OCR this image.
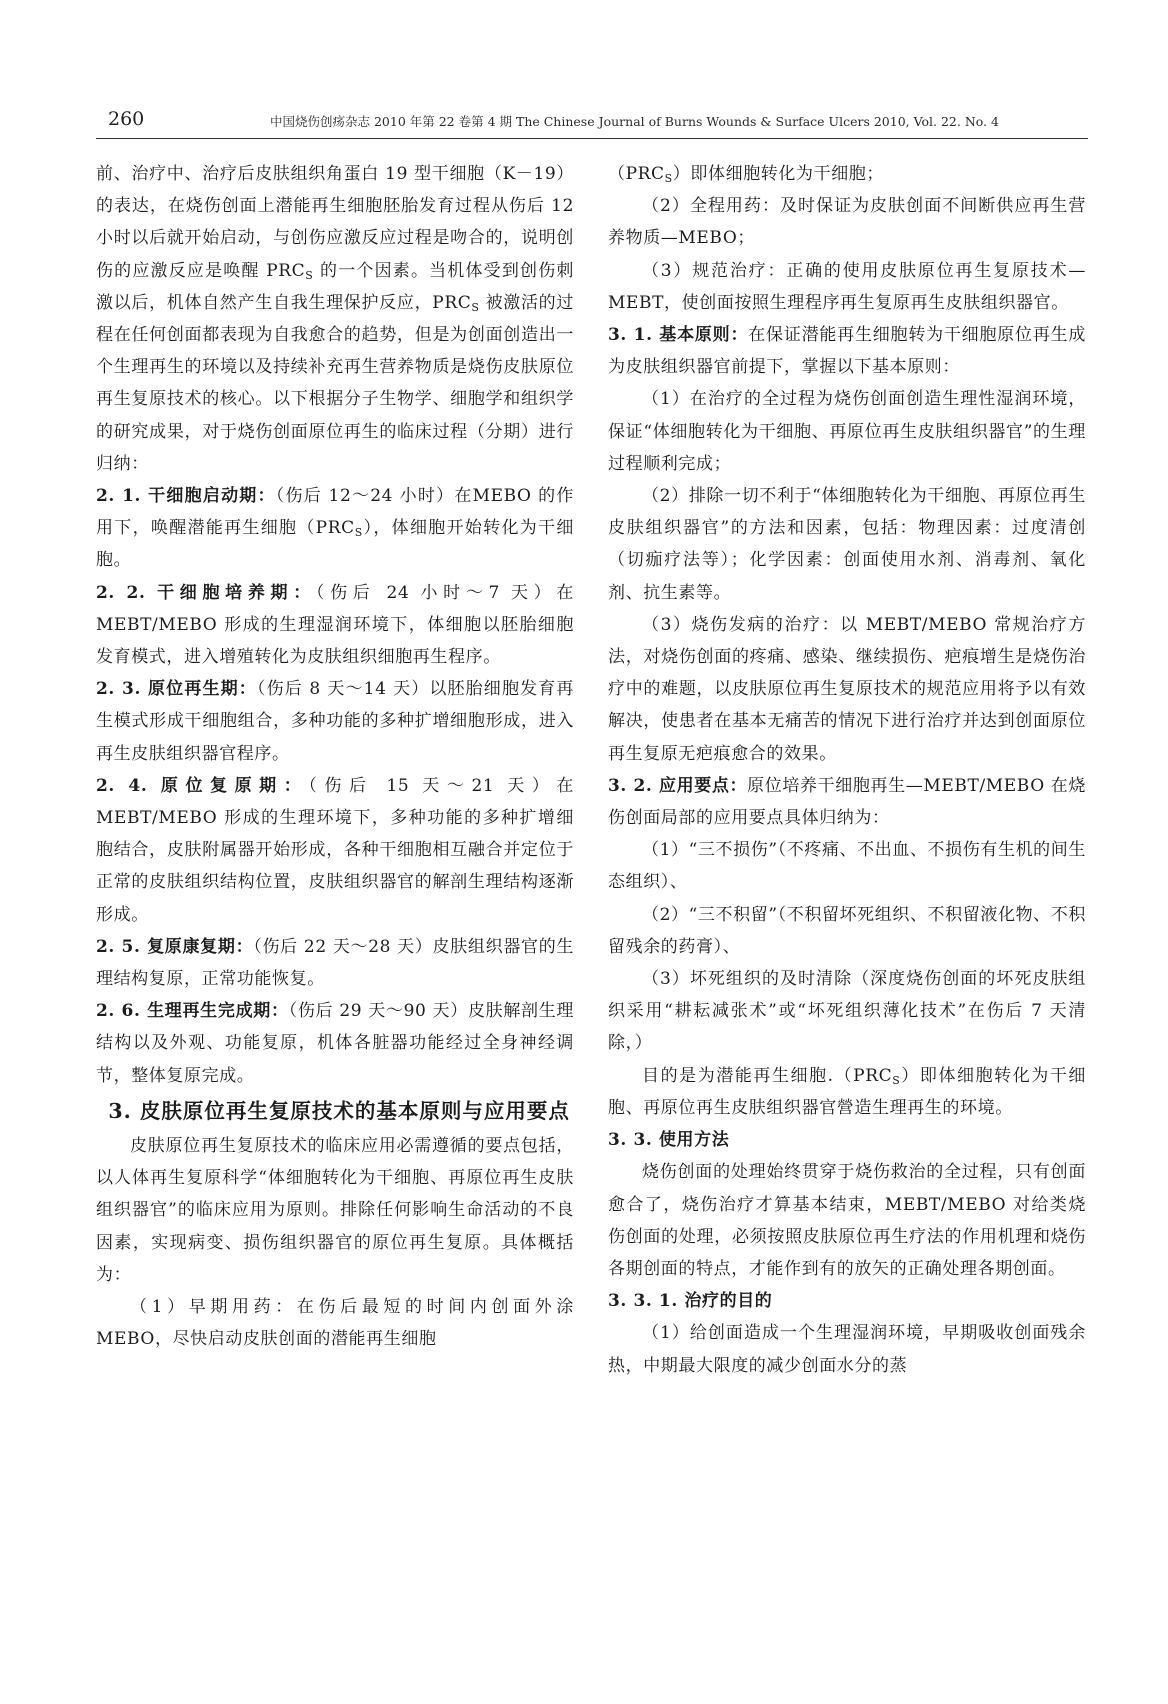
260	中国烧伤创疡杂志 2010 年第 22 卷第 4 期 The Chinese Journal of Burns Wounds & Surface Ulcers 2010, Vol. 22. No. 4

前、治疗中、治疗后皮肤组织角蛋白 19 型干细胞（K－19）的表达，在烧伤创面上潜能再生细胞胚胎发育过程从伤后 12 小时以后就开始启动，与创伤应激反应过程是吻合的，说明创伤的应激反应是唤醒 $PRC_S$ 的一个因素。当机体受到创伤刺激以后，机体自然产生自我生理保护反应，$PRC_S$ 被激活的过程在任何创面都表现为自我愈合的趋势，但是为创面创造出一个生理再生的环境以及持续补充再生营养物质是烧伤皮肤原位再生复原技术的核心。以下根据分子生物学、细胞学和组织学的研究成果，对于烧伤创面原位再生的临床过程（分期）进行归纳：

2. 1. 干细胞启动期：（伤后 12～24 小时）在MEBO 的作用下，唤醒潜能再生细胞$(PRC_S)$，体细胞开始转化为干细胞。

2. 2. 干细胞培养期：（伤后 24 小时～7 天）在 MEBT/MEBO 形成的生理湿润环境下，体细胞以胚胎细胞发育模式，进入增殖转化为皮肤组织细胞再生程序。

2. 3. 原位再生期：（伤后 8 天～14 天）以胚胎细胞发育再生模式形成干细胞组合，多种功能的多种扩增细胞形成，进入再生皮肤组织器官程序。

2. 4. 原位复原期：（伤后 15 天～21 天）在 MEBT/MEBO 形成的生理环境下，多种功能的多种扩增细胞结合，皮肤附属器开始形成，各种干细胞相互融合并定位于正常的皮肤组织结构位置，皮肤组织器官的解剖生理结构逐渐形成。

2. 5. 复原康复期：（伤后 22 天～28 天）皮肤组织器官的生理结构复原，正常功能恢复。

2. 6. 生理再生完成期：（伤后 29 天～90 天）皮肤解剖生理结构以及外观、功能复原，机体各脏器功能经过全身神经调节，整体复原完成。

3. 皮肤原位再生复原技术的基本原则与应用要点

皮肤原位再生复原技术的临床应用必需遵循的要点包括，以人体再生复原科学“体细胞转化为干细胞、再原位再生皮肤组织器官”的临床应用为原则。排除任何影响生命活动的不良因素，实现病变、损伤组织器官的原位再生复原。具体概括为：

（1）早期用药：在伤后最短的时间内创面外涂 MEBO，尽快启动皮肤创面的潜能再生细胞

$(PRC_S)$即体细胞转化为干细胞；

（2）全程用药：及时保证为皮肤创面不间断供应再生营养物质—MEBO；

（3）规范治疗：正确的使用皮肤原位再生复原技术—MEBT，使创面按照生理程序再生复原再生皮肤组织器官。

3. 1. 基本原则：在保证潜能再生细胞转为干细胞原位再生成为皮肤组织器官前提下，掌握以下基本原则：

（1）在治疗的全过程为烧伤创面创造生理性湿润环境，保证“体细胞转化为干细胞、再原位再生皮肤组织器官”的生理过程顺利完成；

（2）排除一切不利于“体细胞转化为干细胞、再原位再生皮肤组织器官”的方法和因素，包括：物理因素：过度清创（切痂疗法等）；化学因素：创面使用水剂、消毒剂、氧化剂、抗生素等。

（3）烧伤发病的治疗：以 MEBT/MEBO 常规治疗方法，对烧伤创面的疼痛、感染、继续损伤、疤痕增生是烧伤治疗中的难题，以皮肤原位再生复原技术的规范应用将予以有效解决，使患者在基本无痛苦的情况下进行治疗并达到创面原位再生复原无疤痕愈合的效果。

3. 2. 应用要点：原位培养干细胞再生—MEBT/MEBO 在烧伤创面局部的应用要点具体归纳为：

（1）“三不损伤”（不疼痛、不出血、不损伤有生机的间生态组织）、

（2）“三不积留”（不积留坏死组织、不积留液化物、不积留残余的药膏）、

（3）坏死组织的及时清除（深度烧伤创面的坏死皮肤组织采用“耕耘减张术”或“坏死组织薄化技术”在伤后 7 天清除，）

目的是为潜能再生细胞$.(PRC_S)$即体细胞转化为干细胞、再原位再生皮肤组织器官營造生理再生的环境。

3. 3. 使用方法

烧伤创面的处理始终贯穿于烧伤救治的全过程，只有创面愈合了，烧伤治疗才算基本结束，MEBT/MEBO 对给类烧伤创面的处理，必须按照皮肤原位再生疗法的作用机理和烧伤各期创面的特点，才能作到有的放矢的正确处理各期创面。

3. 3. 1. 治疗的目的

（1）给创面造成一个生理湿润环境，早期吸收创面残余热，中期最大限度的减少创面水分的蒸
